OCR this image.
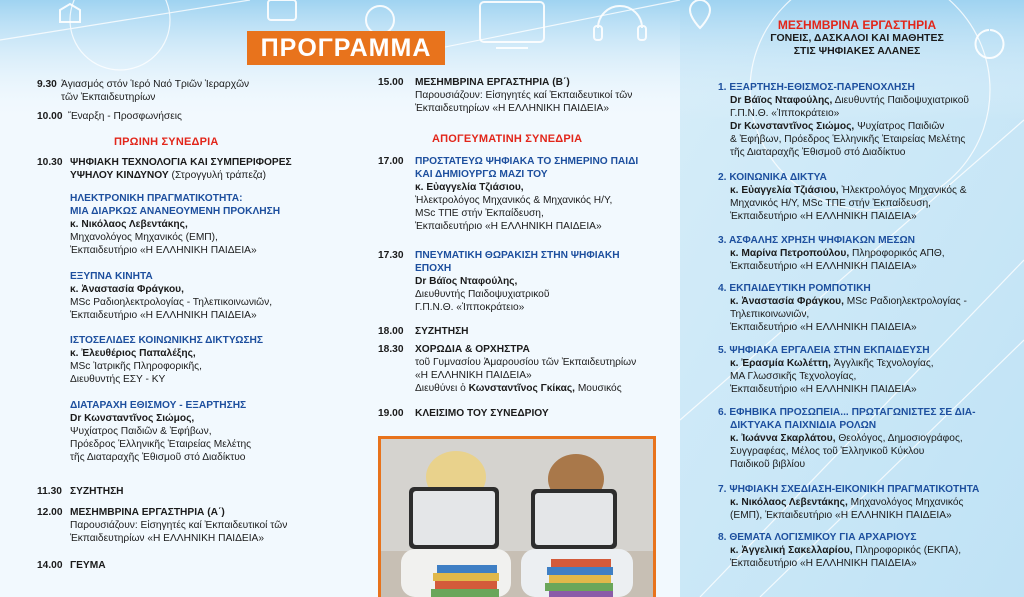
ΠΡΟΓΡΑΜΜΑ
9.30 Ἁγιασμός στόν Ἱερό Ναό Τριῶν Ἱεραρχῶν
τῶν Ἐκπαιδευτηρίων
10.00 Ἔναρξη - Προσφωνήσεις
ΠΡΩΙΝΗ ΣΥΝΕΔΡΙΑ
10.30 ΨΗΦΙΑΚΗ ΤΕΧΝΟΛΟΓΙΑ ΚΑΙ ΣΥΜΠΕΡΙΦΟΡΕΣ
ΥΨΗΛΟΥ ΚΙΝΔΥΝΟΥ (Στρογγυλή τράπεζα)
ΗΛΕΚΤΡΟΝΙΚΗ ΠΡΑΓΜΑΤΙΚΟΤΗΤΑ:
ΜΙΑ ΔΙΑΡΚΩΣ ΑΝΑΝΕΟΥΜΕΝΗ ΠΡΟΚΛΗΣΗ
κ. Νικόλαος Λεβεντάκης,
Μηχανολόγος Μηχανικός (ΕΜΠ),
Ἐκπαιδευτήριο «Η ΕΛΛΗΝΙΚΗ ΠΑΙΔΕΙΑ»
ΕΞΥΠΝΑ ΚΙΝΗΤΑ
κ. Ἀναστασία Φράγκου,
MSc Ραδιοηλεκτρολογίας - Τηλεπικοινωνιῶν,
Ἐκπαιδευτήριο «Η ΕΛΛΗΝΙΚΗ ΠΑΙΔΕΙΑ»
ΙΣΤΟΣΕΛΙΔΕΣ ΚΟΙΝΩΝΙΚΗΣ ΔΙΚΤΥΩΣΗΣ
κ. Ἐλευθέριος Παπαλέξης,
MSc Ἰατρικῆς Πληροφορικῆς,
Διευθυντής ΕΣΥ - ΚΥ
ΔΙΑΤΑΡΑΧΗ ΕΘΙΣΜΟΥ - ΕΞΑΡΤΗΣΗΣ
Dr Κωνσταντῖνος Σιώμος,
Ψυχίατρος Παιδιῶν & Ἐφήβων,
Πρόεδρος Ἑλληνικῆς Ἑταιρείας Μελέτης
τῆς Διαταραχῆς Ἐθισμοῦ στό Διαδίκτυο
11.30 ΣΥΖΗΤΗΣΗ
12.00 ΜΕΣΗΜΒΡΙΝΑ ΕΡΓΑΣΤΗΡΙΑ (Α΄)
Παρουσιάζουν: Εἰσηγητές καί Ἐκπαιδευτικοί τῶν
Ἐκπαιδευτηρίων «Η ΕΛΛΗΝΙΚΗ ΠΑΙΔΕΙΑ»
14.00 ΓΕΥΜΑ
15.00	ΜΕΣΗΜΒΡΙΝΑ ΕΡΓΑΣΤΗΡΙΑ (Β΄)
Παρουσιάζουν: Εἰσηγητές καί Ἐκπαιδευτικοί τῶν
Ἐκπαιδευτηρίων «Η ΕΛΛΗΝΙΚΗ ΠΑΙΔΕΙΑ»
ΑΠΟΓΕΥΜΑΤΙΝΗ ΣΥΝΕΔΡΙΑ
17.00	ΠΡΟΣΤΑΤΕΥΩ ΨΗΦΙΑΚΑ ΤΟ ΣΗΜΕΡΙΝΟ ΠΑΙΔΙ
ΚΑΙ ΔΗΜΙΟΥΡΓΩ ΜΑΖΙ ΤΟΥ
κ. Εὐαγγελία Τζιάσιου,
Ἠλεκτρολόγος Μηχανικός & Μηχανικός Η/Υ,
MSc ΤΠΕ στήν Ἐκπαίδευση,
Ἐκπαιδευτήριο «Η ΕΛΛΗΝΙΚΗ ΠΑΙΔΕΙΑ»
17.30	ΠΝΕΥΜΑΤΙΚΗ ΘΩΡΑΚΙΣΗ ΣΤΗΝ ΨΗΦΙΑΚΗ
ΕΠΟΧΗ
Dr Βάϊος Νταφούλης,
Διευθυντής Παιδοψυχιατρικοῦ
Γ.Π.Ν.Θ. «Ἱπποκράτειο»
18.00	ΣΥΖΗΤΗΣΗ
18.30	ΧΟΡΩΔΙΑ & ΟΡΧΗΣΤΡΑ
τοῦ Γυμνασίου Ἀμαρουσίου τῶν Ἐκπαιδευτηρίων
«Η ΕΛΛΗΝΙΚΗ ΠΑΙΔΕΙΑ»
Διευθύνει ὁ Κωνσταντῖνος Γκίκας, Μουσικός
19.00	ΚΛΕΙΣΙΜΟ ΤΟΥ ΣΥΝΕΔΡΙΟΥ
ΜΕΣΗΜΒΡΙΝΑ ΕΡΓΑΣΤΗΡΙΑ
ΓΟΝΕΙΣ, ΔΑΣΚΑΛΟΙ ΚΑΙ ΜΑΘΗΤΕΣ
ΣΤΙΣ ΨΗΦΙΑΚΕΣ ΑΛΑΝΕΣ
1. ΕΞΑΡΤΗΣΗ-ΕΘΙΣΜΟΣ-ΠΑΡΕΝΟΧΛΗΣΗ
Dr Βάϊος Νταφούλης, Διευθυντής Παιδοψυχιατρικοῦ
Γ.Π.Ν.Θ. «Ἱπποκράτειο»
Dr Κωνσταντῖνος Σιώμος, Ψυχίατρος Παιδιῶν
& Ἐφήβων, Πρόεδρος Ἑλληνικῆς Ἑταιρείας Μελέτης
τῆς Διαταραχῆς Ἐθισμοῦ στό Διαδίκτυο
2. ΚΟΙΝΩΝΙΚΑ ΔΙΚΤΥΑ
κ. Εὐαγγελία Τζιάσιου, Ἠλεκτρολόγος Μηχανικός &
Μηχανικός Η/Υ, MSc ΤΠΕ στήν Ἐκπαίδευση,
Ἐκπαιδευτήριο «Η ΕΛΛΗΝΙΚΗ ΠΑΙΔΕΙΑ»
3. ΑΣΦΑΛΗΣ ΧΡΗΣΗ ΨΗΦΙΑΚΩΝ ΜΕΣΩΝ
κ. Μαρίνα Πετροπούλου, Πληροφορικός ΑΠΘ,
Ἐκπαιδευτήριο «Η ΕΛΛΗΝΙΚΗ ΠΑΙΔΕΙΑ»
4. ΕΚΠΑΙΔΕΥΤΙΚΗ ΡΟΜΠΟΤΙΚΗ
κ. Ἀναστασία Φράγκου, MSc Ραδιοηλεκτρολογίας -
Τηλεπικοινωνιῶν,
Ἐκπαιδευτήριο «Η ΕΛΛΗΝΙΚΗ ΠΑΙΔΕΙΑ»
5. ΨΗΦΙΑΚΑ ΕΡΓΑΛΕΙΑ ΣΤΗΝ ΕΚΠΑΙΔΕΥΣΗ
κ. Ἐρασμία Κωλέττη, Ἀγγλικῆς Τεχνολογίας,
ΜΑ Γλωσσικῆς Τεχνολογίας,
Ἐκπαιδευτήριο «Η ΕΛΛΗΝΙΚΗ ΠΑΙΔΕΙΑ»
6. ΕΦΗΒΙΚΑ ΠΡΟΣΩΠΕΙΑ... ΠΡΩΤΑΓΩΝΙΣΤΕΣ ΣΕ ΔΙΑ-
ΔΙΚΤΥΑΚΑ ΠΑΙΧΝΙΔΙΑ ΡΟΛΩΝ
κ. Ἰωάννα Σκαρλάτου, Θεολόγος, Δημοσιογράφος,
Συγγραφέας, Μέλος τοῦ Ἑλληνικοῦ Κύκλου
Παιδικοῦ βιβλίου
7. ΨΗΦΙΑΚΗ ΣΧΕΔΙΑΣΗ-ΕΙΚΟΝΙΚΗ ΠΡΑΓΜΑΤΙΚΟΤΗΤΑ
κ. Νικόλαος Λεβεντάκης, Μηχανολόγος Μηχανικός
(ΕΜΠ), Ἐκπαιδευτήριο «Η ΕΛΛΗΝΙΚΗ ΠΑΙΔΕΙΑ»
8. ΘΕΜΑΤΑ ΛΟΓΙΣΜΙΚΟΥ ΓΙΑ ΑΡΧΑΡΙΟΥΣ
κ. Ἀγγελική Σακελλαρίου, Πληροφορικός (ΕΚΠΑ),
Ἐκπαιδευτήριο «Η ΕΛΛΗΝΙΚΗ ΠΑΙΔΕΙΑ»
